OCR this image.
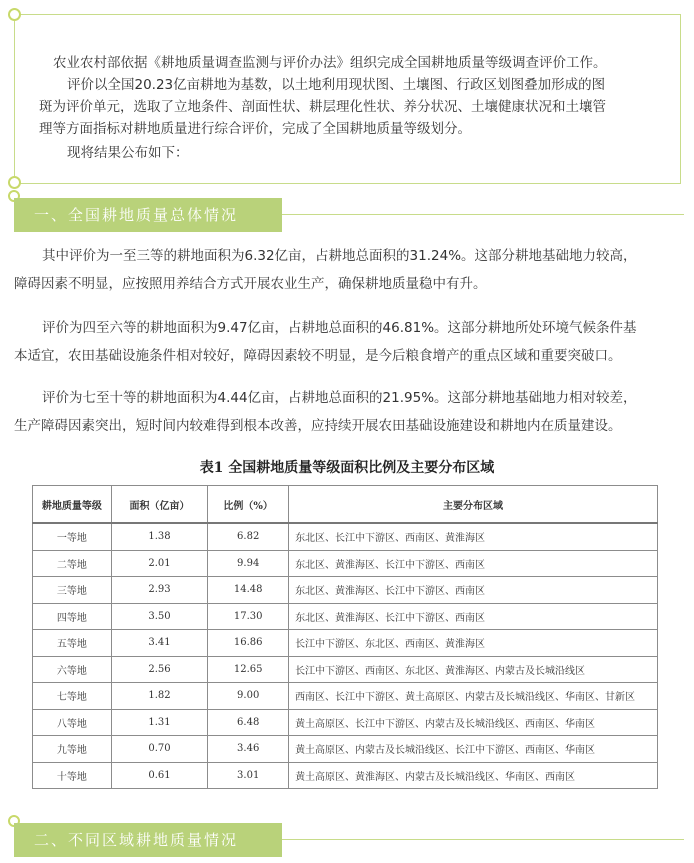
农业农村部依据《耕地质量调查监测与评价办法》组织完成全国耕地质量等级调查评价工作。
评价以全国20.23亿亩耕地为基数，以土地利用现状图、土壤图、行政区划图叠加形成的图
斑为评价单元，选取了立地条件、剖面性状、耕层理化性状、养分状况、土壤健康状况和土壤管
理等方面指标对耕地质量进行综合评价，完成了全国耕地质量等级划分。
现将结果公布如下：
一、全国耕地质量总体情况
其中评价为一至三等的耕地面积为6.32亿亩，占耕地总面积的31.24%。这部分耕地基础地力较高，
障碍因素不明显，应按照用养结合方式开展农业生产，确保耕地质量稳中有升。
评价为四至六等的耕地面积为9.47亿亩，占耕地总面积的46.81%。这部分耕地所处环境气候条件基
本适宜，农田基础设施条件相对较好，障碍因素较不明显，是今后粮食增产的重点区域和重要突破口。
评价为七至十等的耕地面积为4.44亿亩，占耕地总面积的21.95%。这部分耕地基础地力相对较差，
生产障碍因素突出，短时间内较难得到根本改善，应持续开展农田基础设施建设和耕地内在质量建设。
表1 全国耕地质量等级面积比例及主要分布区域
耕地质量等级	面积（亿亩）	比例（%）	主要分布区域
一等地	1.38	6.82	东北区、长江中下游区、西南区、黄淮海区
二等地	2.01	9.94	东北区、黄淮海区、长江中下游区、西南区
三等地	2.93	14.48	东北区、黄淮海区、长江中下游区、西南区
四等地	3.50	17.30	东北区、黄淮海区、长江中下游区、西南区
五等地	3.41	16.86	长江中下游区、东北区、西南区、黄淮海区
六等地	2.56	12.65	长江中下游区、西南区、东北区、黄淮海区、内蒙古及长城沿线区
七等地	1.82	9.00	西南区、长江中下游区、黄土高原区、内蒙古及长城沿线区、华南区、甘新区
八等地	1.31	6.48	黄土高原区、长江中下游区、内蒙古及长城沿线区、西南区、华南区
九等地	0.70	3.46	黄土高原区、内蒙古及长城沿线区、长江中下游区、西南区、华南区
十等地	0.61	3.01	黄土高原区、黄淮海区、内蒙古及长城沿线区、华南区、西南区
二、不同区域耕地质量情况
